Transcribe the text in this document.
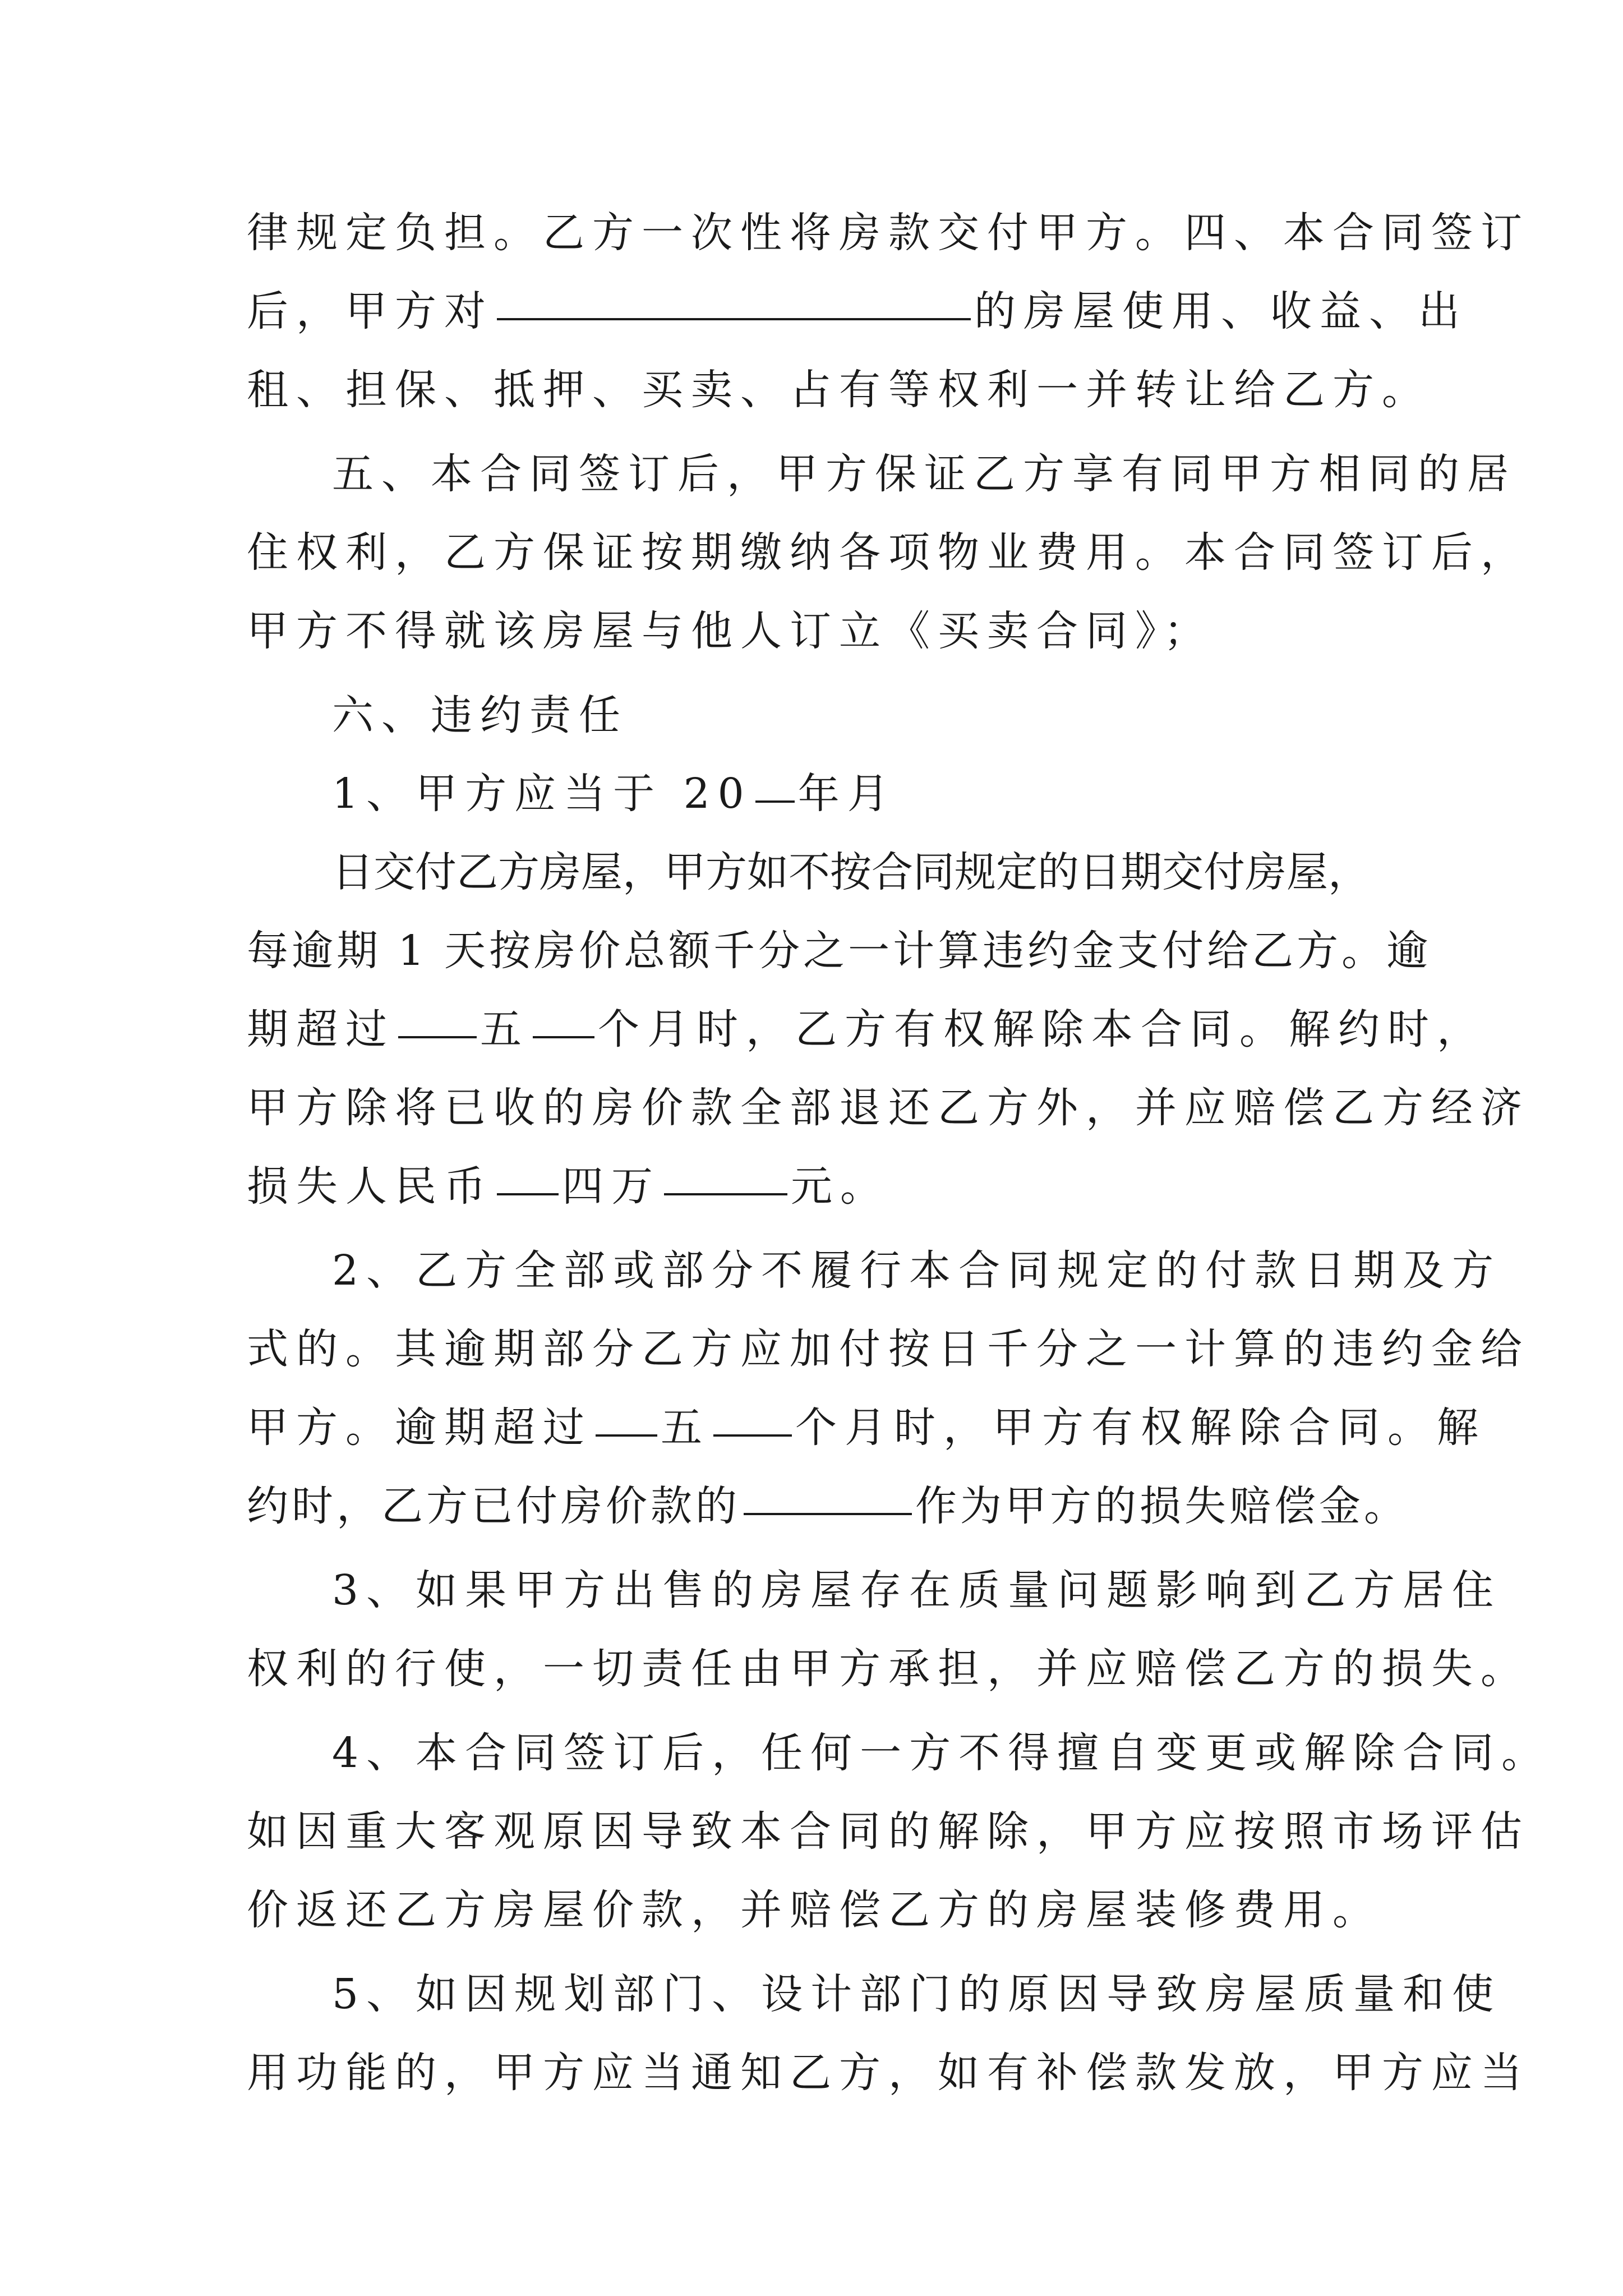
律规定负担。乙方一次性将房款交付甲方。四、本合同签订
后，甲方对	的房屋使用、收益、出
租、担保、抵押、买卖、占有等权利一并转让给乙方。
五、本合同签订后，甲方保证乙方享有同甲方相同的居
住权利，乙方保证按期缴纳各项物业费用。本合同签订后，
甲方不得就该房屋与他人订立《买卖合同》；
六、违约责任
1、甲方应当于 20 年月
日交付乙方房屋，甲方如不按合同规定的日期交付房屋，
每逾期 1 天按房价总额千分之一计算违约金支付给乙方。逾
期超过 五 个月时，乙方有权解除本合同。解约时，
甲方除将已收的房价款全部退还乙方外，并应赔偿乙方经济
损失人民币 四万	元。
2、乙方全部或部分不履行本合同规定的付款日期及方
式的。其逾期部分乙方应加付按日千分之一计算的违约金给
甲方。逾期超过 五 个月时，甲方有权解除合同。解
约时，乙方已付房价款的	作为甲方的损失赔偿金。
3、如果甲方出售的房屋存在质量问题影响到乙方居住
权利的行使，一切责任由甲方承担，并应赔偿乙方的损失。
4、本合同签订后，任何一方不得擅自变更或解除合同。
如因重大客观原因导致本合同的解除，甲方应按照市场评估
价返还乙方房屋价款，并赔偿乙方的房屋装修费用。
5、如因规划部门、设计部门的原因导致房屋质量和使
用功能的，甲方应当通知乙方，如有补偿款发放，甲方应当
